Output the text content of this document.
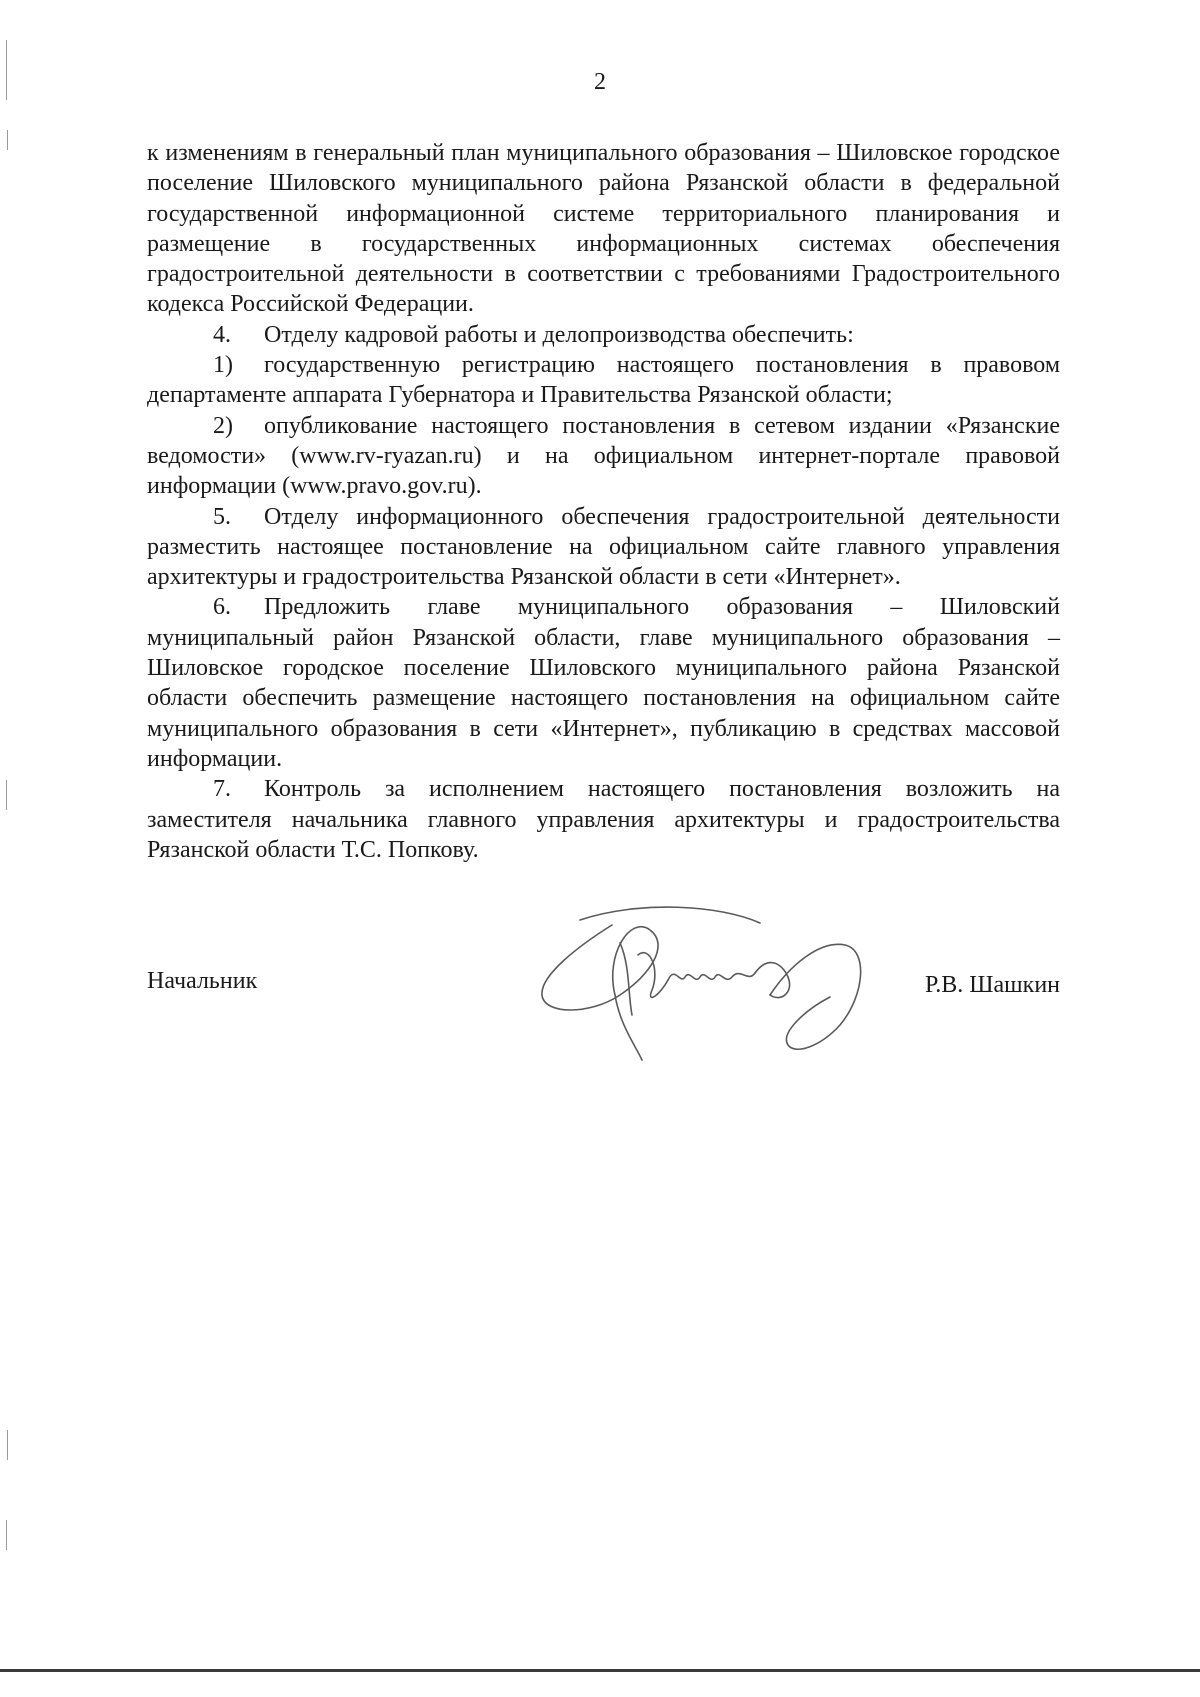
2

к изменениям в генеральный план муниципального образования – Шиловское городское поселение Шиловского муниципального района Рязанской области в федеральной государственной информационной системе территориального планирования и размещение в государственных информационных системах обеспечения градостроительной деятельности в соответствии с требованиями Градостроительного кодекса Российской Федерации.

4. Отделу кадровой работы и делопроизводства обеспечить:

1) государственную регистрацию настоящего постановления в правовом департаменте аппарата Губернатора и Правительства Рязанской области;

2) опубликование настоящего постановления в сетевом издании «Рязанские ведомости» (www.rv-ryazan.ru) и на официальном интернет-портале правовой информации (www.pravo.gov.ru).

5. Отделу информационного обеспечения градостроительной деятельности разместить настоящее постановление на официальном сайте главного управления архитектуры и градостроительства Рязанской области в сети «Интернет».

6. Предложить главе муниципального образования – Шиловский муниципальный район Рязанской области, главе муниципального образования – Шиловское городское поселение Шиловского муниципального района Рязанской области обеспечить размещение настоящего постановления на официальном сайте муниципального образования в сети «Интернет», публикацию в средствах массовой информации.

7. Контроль за исполнением настоящего постановления возложить на заместителя начальника главного управления архитектуры и градостроительства Рязанской области Т.С. Попкову.

Начальник	Р.В. Шашкин
